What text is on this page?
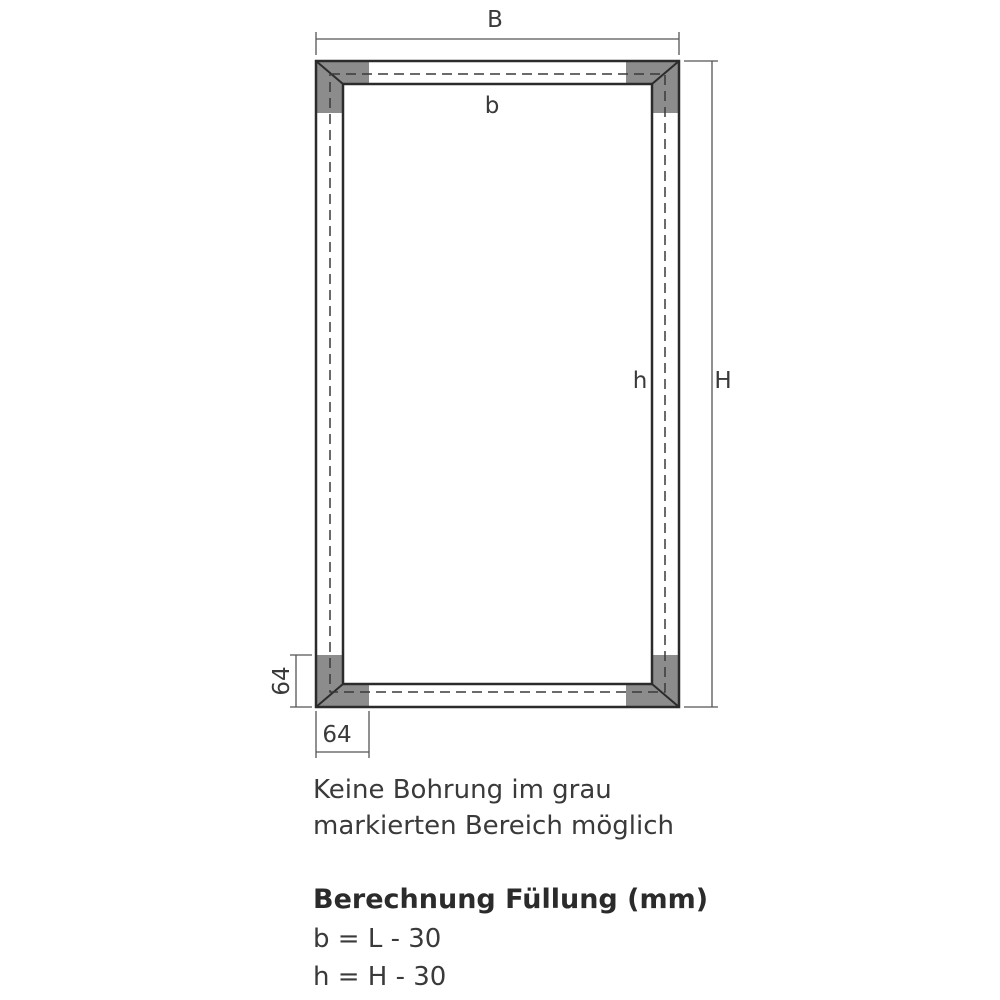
B
b
h	H
64
64
Keine Bohrung im grau
markierten Bereich möglich
Berechnung Füllung (mm)
b = L - 30
h = H - 30
